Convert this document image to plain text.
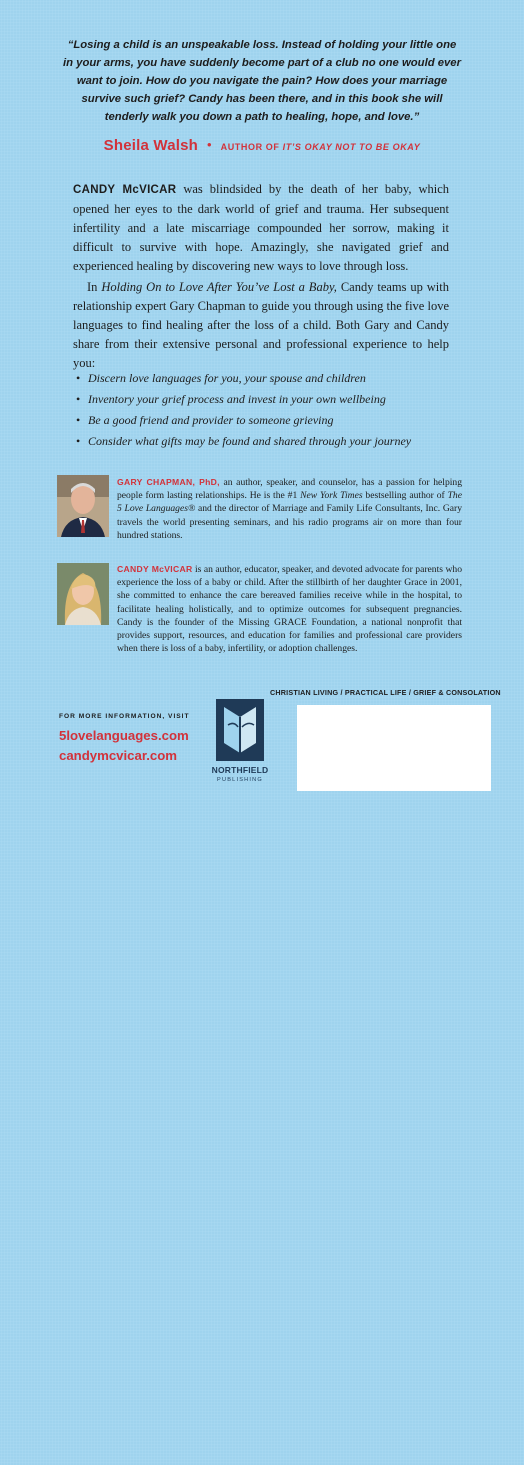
“Losing a child is an unspeakable loss. Instead of holding your little one in your arms, you have suddenly become part of a club no one would ever want to join. How do you navigate the pain? How does your marriage survive such grief? Candy has been there, and in this book she will tenderly walk you down a path to healing, hope, and love.”
Sheila Walsh • AUTHOR OF IT’S OKAY NOT TO BE OKAY

CANDY McVICAR was blindsided by the death of her baby, which opened her eyes to the dark world of grief and trauma. Her subsequent infertility and a late miscarriage compounded her sorrow, making it difficult to survive with hope. Amazingly, she navigated grief and experienced healing by discovering new ways to love through loss.

In Holding On to Love After You’ve Lost a Baby, Candy teams up with relationship expert Gary Chapman to guide you through using the five love languages to find healing after the loss of a child. Both Gary and Candy share from their extensive personal and professional experience to help you:

• Discern love languages for you, your spouse and children
• Inventory your grief process and invest in your own wellbeing
• Be a good friend and provider to someone grieving
• Consider what gifts may be found and shared through your journey
GARY CHAPMAN, PhD, an author, speaker, and counselor, has a passion for helping people form lasting relationships. He is the #1 New York Times bestselling author of The 5 Love Languages® and the director of Marriage and Family Life Consultants, Inc. Gary travels the world presenting seminars, and his radio programs air on more than four hundred stations.
CANDY McVICAR is an author, educator, speaker, and devoted advocate for parents who experience the loss of a baby or child. After the stillbirth of her daughter Grace in 2001, she committed to enhance the care bereaved families receive while in the hospital, to facilitate healing holistically, and to optimize outcomes for subsequent pregnancies. Candy is the founder of the Missing GRACE Foundation, a national nonprofit that provides support, resources, and education for families and professional care providers when there is loss of a baby, infertility, or adoption challenges.
CHRISTIAN LIVING / PRACTICAL LIFE / GRIEF & CONSOLATION
FOR MORE INFORMATION, VISIT
5lovelanguages.com
candymcvicar.com
NORTHFIELD
PUBLISHING
